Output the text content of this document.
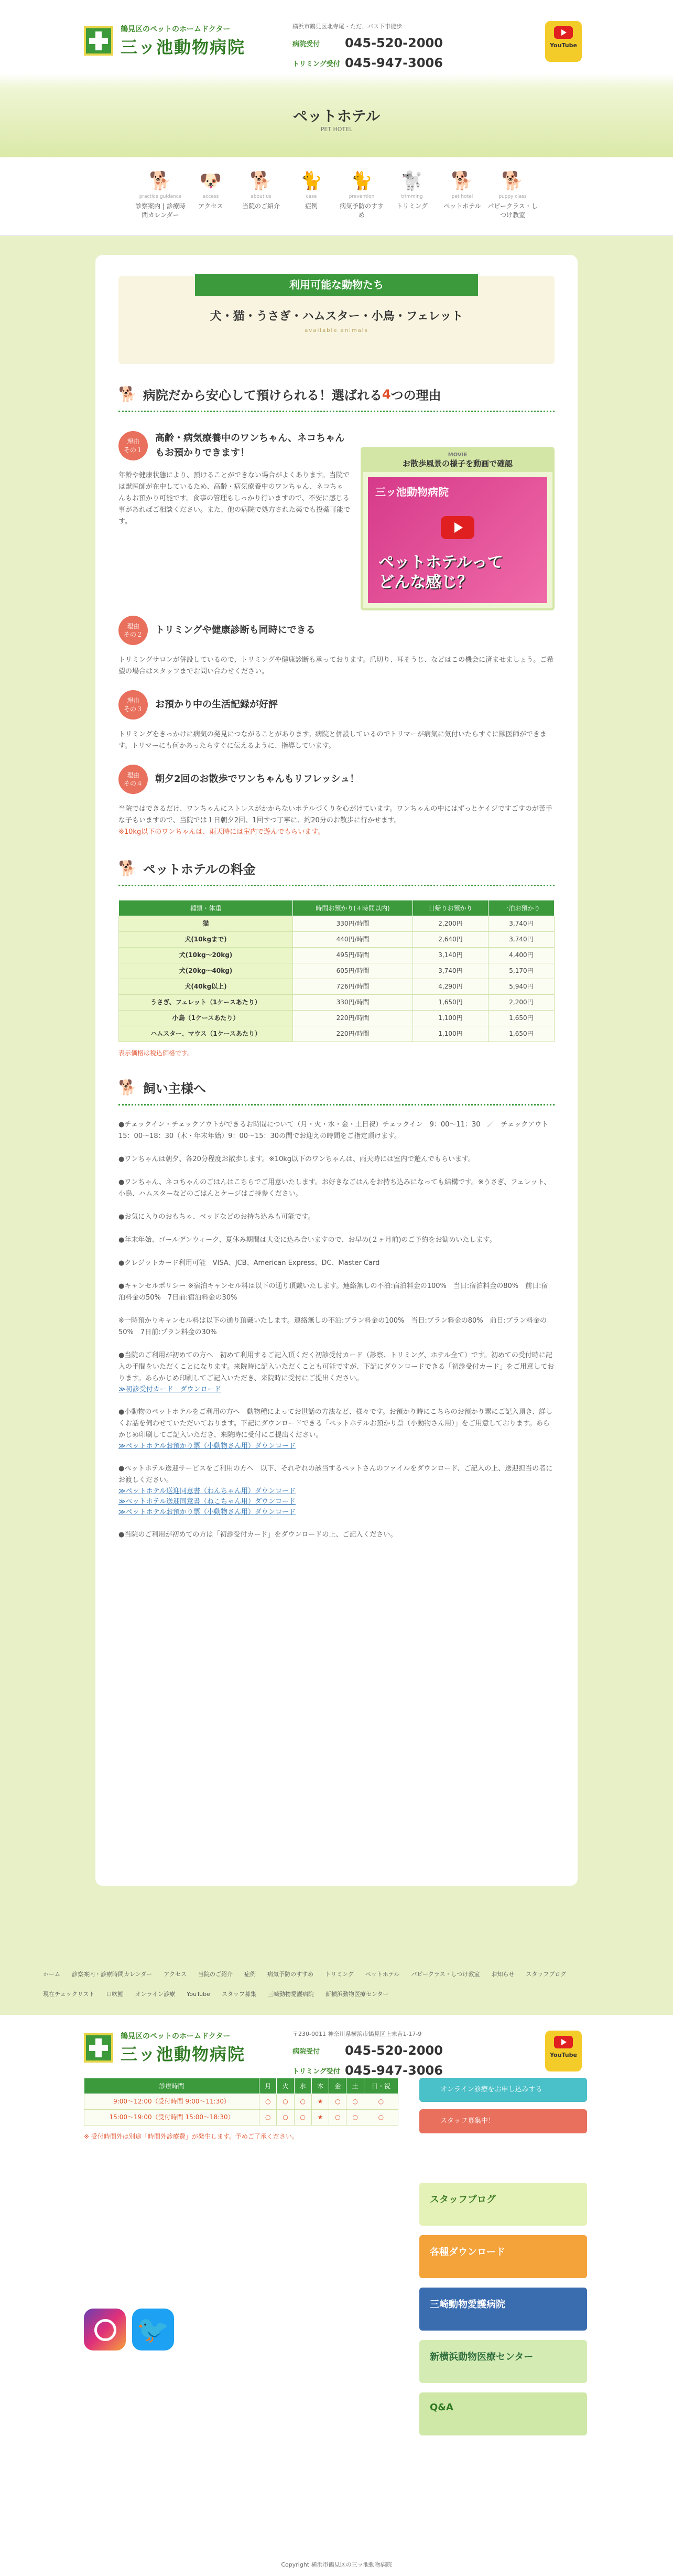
鶴見区のペットのホームドクター
三ッ池動物病院
横浜市鶴見区北寺尾・ただ、バス下車徒歩
病院受付	045-520-2000
トリミング受付 045-947-3006
YouTube
ペットホテル

PET HOTEL

🐕
practice guidance
診察案内 | 診療時間カレンダー
🐶
access
アクセス
🐕
about us
当院のご紹介
🐈
case
症例
🐈
prevention
病気予防のすすめ
🐩
trimming
トリミング
🐕
pet hotel
ペットホテル
🐕
puppy class
パピークラス・しつけ教室
利用可能な動物たち
犬・猫・うさぎ・ハムスター・小鳥・フェレット
available animals
🐕 病院だから安心して預けられる！選ばれる 4 つの理由
理由
その１
高齢・病気療養中のワンちゃん、ネコちゃんもお預かりできます！

年齢や健康状態により、預けることができない場合がよくあります。当院では獣医師が在中しているため、高齢・病気療養中のワンちゃん、ネコちゃんもお預かり可能です。食事の管理もしっかり行いますので、不安に感じる事があればご相談ください。また、他の病院で処方された薬でも投薬可能です。

MOVIE
お散歩風景の様子を動画で確認
三ッ池動物病院
ペットホテルって
どんな感じ？
理由
その２	トリミングや健康診断も同時にできる

トリミングサロンが併設しているので、トリミングや健康診断も承っております。爪切り、耳そうじ、などはこの機会に済ませましょう。ご希望の場合はスタッフまでお問い合わせください。

理由
その３	お預かり中の生活記録が好評

トリミングをきっかけに病気の発見につながることがあります。病院と併設しているのでトリマーが病気に気付いたらすぐに獣医師ができます。トリマーにも何かあったらすぐに伝えるように、指導しています。

理由
その４	朝夕2回のお散歩でワンちゃんもリフレッシュ！

当院ではできるだけ、ワンちゃんにストレスがかからないホテルづくりを心がけています。ワンちゃんの中にはずっとケイジですごすのが苦手な子もいますので、当院では１日朝夕2回、1回すつ丁寧に、約20分のお散歩に行かせます。
※10kg以下のワンちゃんは、雨天時には室内で遊んでもらいます。

🐕 ペットホテルの料金
種類・体重	時間お預かり(４時間以内)	日帰りお預かり	一泊お預かり
猫	330円/時間	2,200円	3,740円
犬(10kgまで)	440円/時間	2,640円	3,740円
犬(10kg〜20kg)	495円/時間	3,140円	4,400円
犬(20kg〜40kg)	605円/時間	3,740円	5,170円
犬(40kg以上)	726円/時間	4,290円	5,940円
うさぎ、フェレット（1ケースあたり）	330円/時間	1,650円	2,200円
小鳥（1ケースあたり）	220円/時間	1,100円	1,650円
ハムスター、マウス（1ケースあたり）	220円/時間	1,100円	1,650円
表示価格は税込価格です。
🐕 飼い主様へ
●チェックイン・チェックアウトができるお時間について（月・火・水・金・土日祝）チェックイン　9：00〜11：30　／　チェックアウト　15：00〜18：30（木・年末年始）9：00〜15：30の間でお迎えの時間をご指定頂けます。
●ワンちゃんは朝夕、各20分程度お散歩します。※10kg以下のワンちゃんは、雨天時には室内で遊んでもらいます。
●ワンちゃん、ネコちゃんのごはんはこちらでご用意いたします。お好きなごはんをお持ち込みになっても結構です。※うさぎ、フェレット、小鳥、ハムスターなどのごはんとケージはご持参ください。
●お気に入りのおもちゃ、ベッドなどのお持ち込みも可能です。
●年末年始、ゴールデンウィーク、夏休み期間は大変に込み合いますので、お早め(２ヶ月前)のご予約をお勧めいたします。
●クレジットカード利用可能　VISA、JCB、American Express、DC、Master Card
●キャンセルポリシー ※宿泊キャンセル料は以下の通り頂戴いたします。連絡無しの不泊:宿泊料金の100%　当日:宿泊料金の80%　前日:宿泊料金の50%　7日前:宿泊料金の30%
※一時預かりキャンセル料は以下の通り頂戴いたします。連絡無しの不泊:プラン料金の100%　当日:プラン料金の80%　前日:プラン料金の50%　7日前:プラン料金の30%
●当院のご利用が初めての方へ　初めて利用するご記入頂くだく初診受付カード（診察、トリミング、ホテル全て）です。初めての受付時に記入の手間をいただくことになります。来院時に記入いただくことも可能ですが、下記にダウンロードできる「初診受付カード」をご用意しております。あらかじめ印刷してご記入いただき、来院時に受付にご提出ください。
≫初診受付カード　ダウンロード
●小動物のペットホテルをご利用の方へ　動物種によってお世話の方法など、様々です。お預かり時にこちらのお預かり票にご記入頂き、詳しくお話を伺わせていただいております。下記にダウンロードできる「ペットホテルお預かり票（小動物さん用）」をご用意しております。あらかじめ印刷してご記入いただき、来院時に受付にご提出ください。
≫ペットホテルお預かり票（小動物さん用）ダウンロード
●ペットホテル送迎サービスをご利用の方へ　以下、それぞれの該当するペットさんのファイルをダウンロード、ご記入の上、送迎担当の者にお渡しください。
≫ペットホテル送迎同意書（わんちゃん用）ダウンロード
≫ペットホテル送迎同意書（ねこちゃん用）ダウンロード
≫ペットホテルお預かり票（小動物さん用）ダウンロード
●当院のご利用が初めての方は「初診受付カード」をダウンロードの上、ご記入ください。
ホーム 診察案内・診療時間カレンダー アクセス 当院のご紹介 症例 病気予防のすすめ トリミング ペットホテル パピークラス・しつけ教室 お知らせ スタッフブログ
現在チェックリスト 口吹鯉 オンライン診療 YouTube スタッフ募集 三崎動物愛護病院 新横浜動物医療センター
鶴見区のペットのホームドクター
三ッ池動物病院
〒230-0011 神奈川県横浜市鶴見区上末吉1-17-9
病院受付	045-520-2000
トリミング受付 045-947-3006
YouTube
診療時間	月	火	水	木	金	土	日・祝
9:00〜12:00（受付時間 9:00〜11:30）	○	○	○	★	○	○	○
15:00〜19:00（受付時間 15:00〜18:30）	○	○	○	★	○	○	○
※ 受付時間外は別途「時間外診療費」が発生します。予めご了承ください。
オンライン診療をお申し込みする
スタッフ募集中！
スタッフブログ
各種ダウンロード
三崎動物愛護病院
新横浜動物医療センター
Q&A
🐦
Copyright 横浜市鶴見区の三ッ池動物病院
